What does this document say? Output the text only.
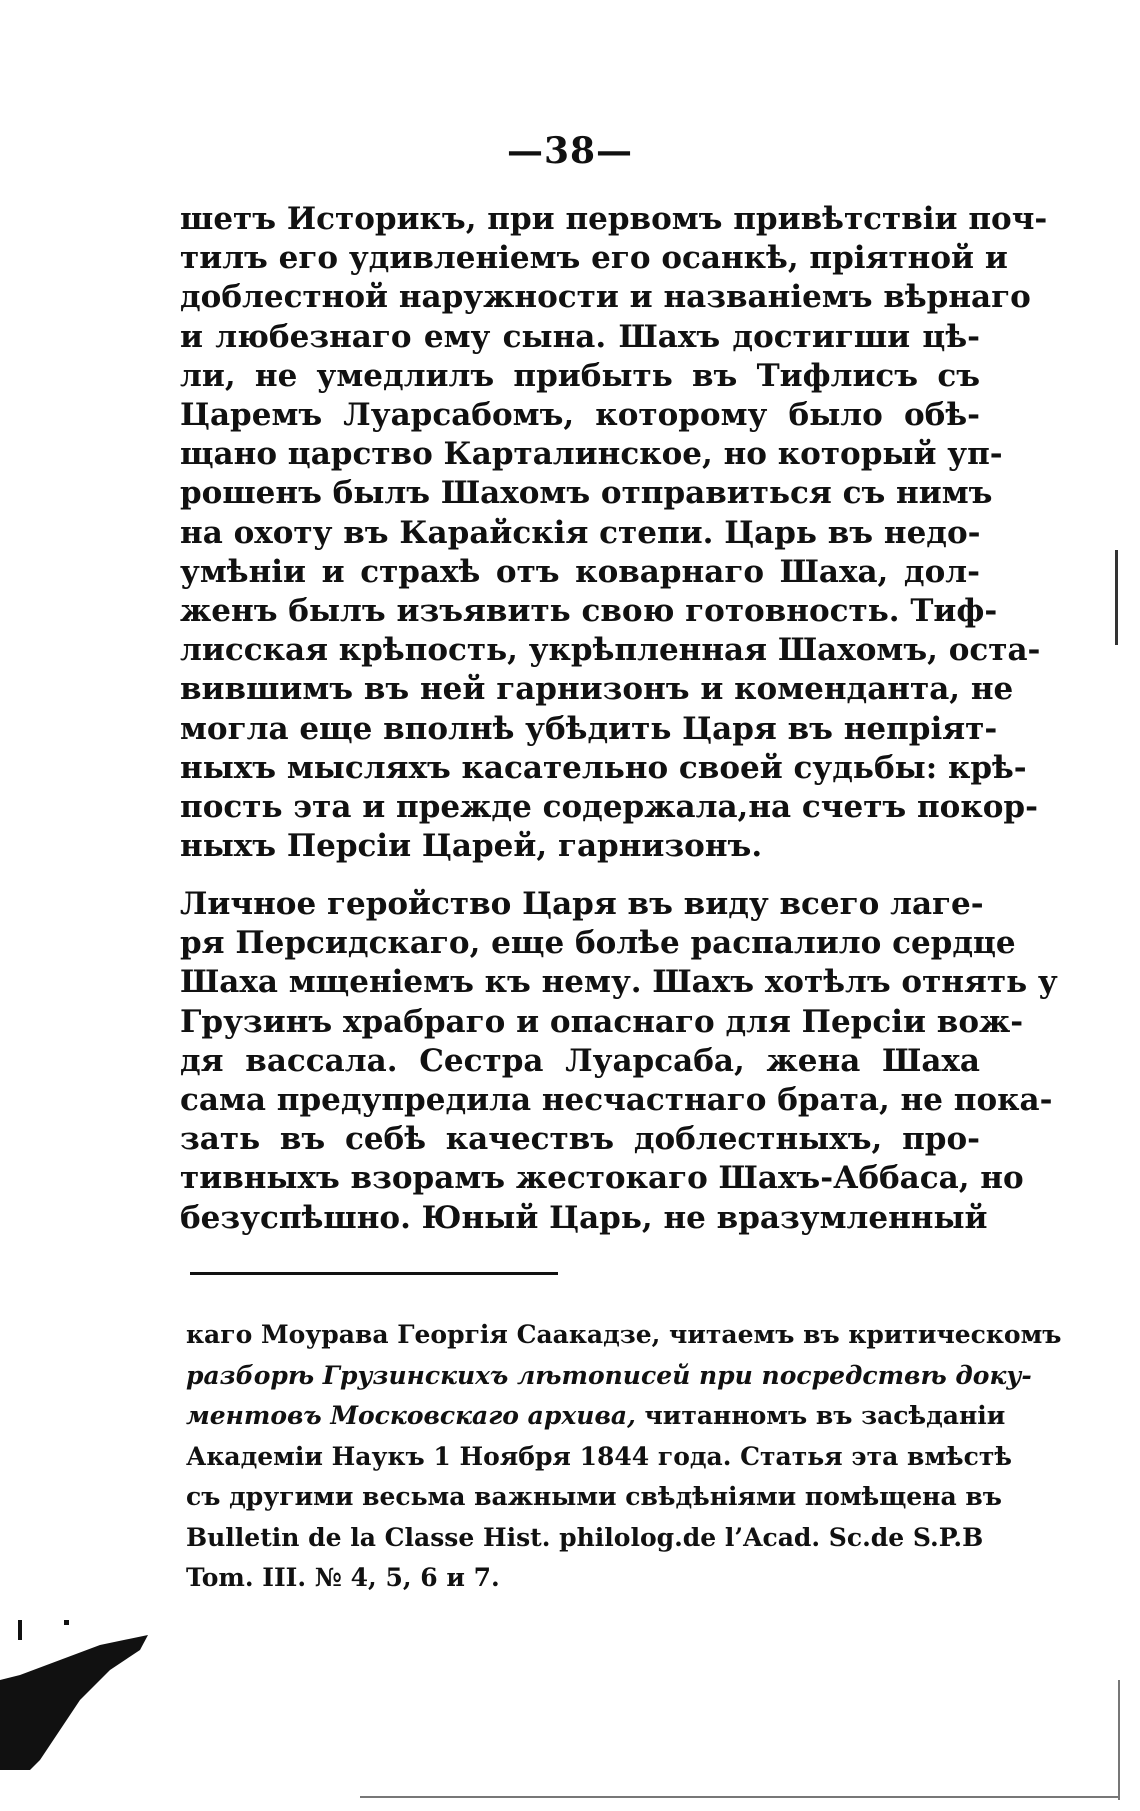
—38—
шетъ Историкъ, при первомъ привѣтствіи поч-
тилъ его удивленіемъ его осанкѣ, пріятной и
доблестной наружности и названіемъ вѣрнаго
и любезнаго ему сына. Шахъ достигши цѣ-
ли, не умедлилъ прибыть въ Тифлисъ съ
Царемъ Луарсабомъ, которому было обѣ-
щано царство Карталинское, но который уп-
рошенъ былъ Шахомъ отправиться съ нимъ
на охоту въ Карайскія степи. Царь въ недо-
умѣніи и страхѣ отъ коварнаго Шаха, дол-
женъ былъ изъявить свою готовность. Тиф-
лисская крѣпость, укрѣпленная Шахомъ, оста-
вившимъ въ ней гарнизонъ и коменданта, не
могла еще вполнѣ убѣдить Царя въ непріят-
ныхъ мысляхъ касательно своей судьбы: крѣ-
пость эта и прежде содержала,на счетъ покор-
ныхъ Персіи Царей, гарнизонъ.
Личное геройство Царя въ виду всего лаге-
ря Персидскаго, еще болѣе распалило сердце
Шаха мщеніемъ къ нему. Шахъ хотѣлъ отнять у
Грузинъ храбраго и опаснаго для Персіи вож-
дя вассала. Сестра Луарсаба, жена Шаха
сама предупредила несчастнаго брата, не пока-
зать въ себѣ качествъ доблестныхъ, про-
тивныхъ взорамъ жестокаго Шахъ-Аббаса, но
безуспѣшно. Юный Царь, не вразумленный
каго Моурава Георгія Саакадзе, читаемъ въ критическомъ
разборѣ Грузинскихъ лѣтописей при посредствѣ доку-
ментовъ Московскаго архива, читанномъ въ засѣданіи
Академіи Наукъ 1 Ноября 1844 года. Статья эта вмѣстѣ
съ другими весьма важными свѣдѣніями помѣщена въ
Bulletin de la Classe Hist. philolog.de l’Acad. Sc.de S.P.B
Tom. III. № 4, 5, 6 и 7.
